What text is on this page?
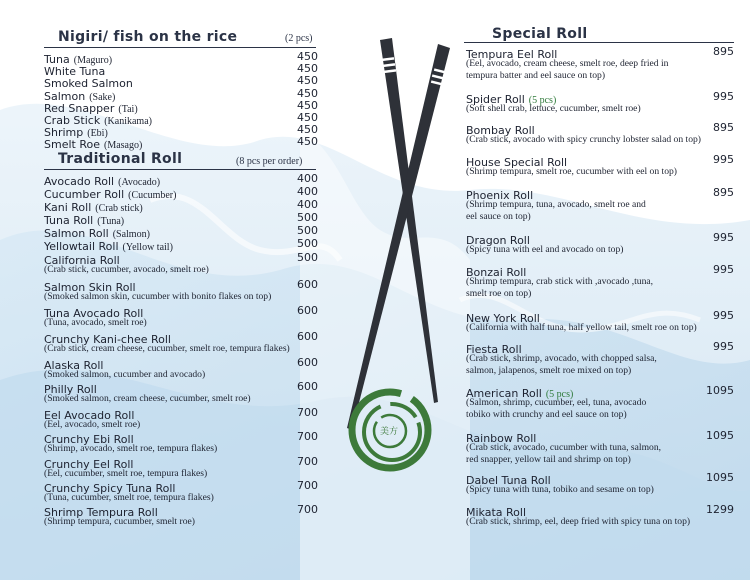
美方
Nigiri/ fish on the rice	(2 pcs)
Tuna (Maguro)	450
White Tuna	450
Smoked Salmon	450
Salmon (Sake)	450
Red Snapper (Tai)	450
Crab Stick (Kanikama)	450
Shrimp (Ebi)	450
Smelt Roe (Masago)	450
Traditional Roll	(8 pcs per order)
Avocado Roll (Avocado)	400
Cucumber Roll (Cucumber)	400
Kani Roll (Crab stick)	400
Tuna Roll (Tuna)	500
Salmon Roll (Salmon)	500
Yellowtail Roll (Yellow tail)	500
California Roll	500
(Crab stick, cucumber, avocado, smelt roe)
Salmon Skin Roll	600
(Smoked salmon skin, cucumber with bonito flakes on top)
Tuna Avocado Roll	600
(Tuna, avocado, smelt roe)
Crunchy Kani-chee Roll	600
(Crab stick, cream cheese, cucumber, smelt roe, tempura flakes)
Alaska Roll	600
(Smoked salmon, cucumber and avocado)
Philly Roll	600
(Smoked salmon, cream cheese, cucumber, smelt roe)
Eel Avocado Roll	700
(Eel, avocado, smelt roe)
Crunchy Ebi Roll	700
(Shrimp, avocado, smelt roe, tempura flakes)
Crunchy Eel Roll	700
(Eel, cucumber, smelt roe, tempura flakes)
Crunchy Spicy Tuna Roll	700
(Tuna, cucumber, smelt roe, tempura flakes)
Shrimp Tempura Roll	700
(Shrimp tempura, cucumber, smelt roe)
Special Roll
Tempura Eel Roll	895
(Eel, avocado, cream cheese, smelt roe, deep fried in
tempura batter and eel sauce on top)
Spider Roll (5 pcs)	995
(Soft shell crab, lettuce, cucumber, smelt roe)
Bombay Roll	895
(Crab stick, avocado with spicy crunchy lobster salad on top)
House Special Roll	995
(Shrimp tempura, smelt roe, cucumber with eel on top)
Phoenix Roll	895
(Shrimp tempura, tuna, avocado, smelt roe and
eel sauce on top)
Dragon Roll	995
(Spicy tuna with eel and avocado on top)
Bonzai Roll	995
(Shrimp tempura, crab stick with ,avocado ,tuna,
smelt roe on top)
New York Roll	995
(California with half tuna, half yellow tail, smelt roe on top)
Fiesta Roll	995
(Crab stick, shrimp, avocado, with chopped salsa,
salmon, jalapenos, smelt roe mixed on top)
American Roll (5 pcs)	1095
(Salmon, shrimp, cucumber, eel, tuna, avocado
tobiko with crunchy and eel sauce on top)
Rainbow Roll	1095
(Crab stick, avocado, cucumber with tuna, salmon,
red snapper, yellow tail and shrimp on top)
Dabel Tuna Roll	1095
(Spicy tuna with tuna, tobiko and sesame on top)
Mikata Roll	1299
(Crab stick, shrimp, eel, deep fried with spicy tuna on top)
